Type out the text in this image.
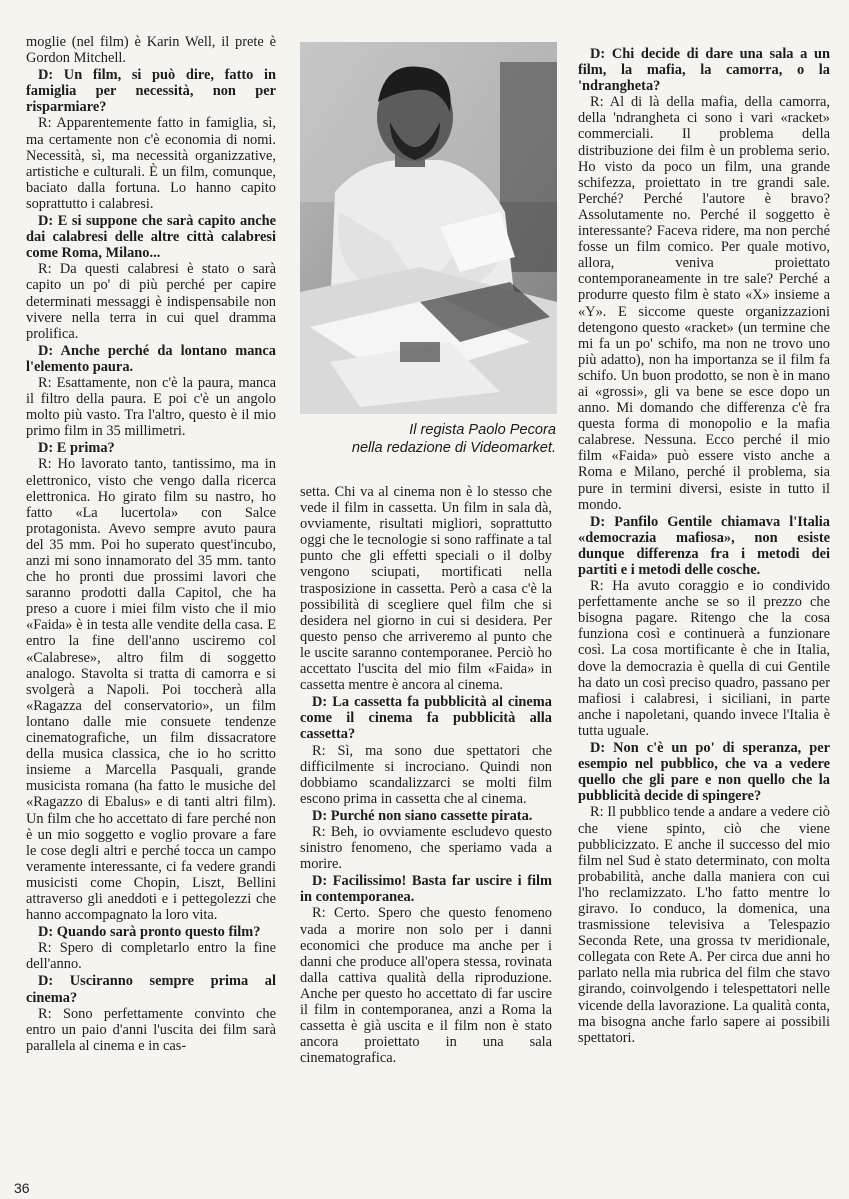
moglie (nel film) è Karin Well, il prete è Gordon Mitchell.

D: Un film, si può dire, fatto in famiglia per necessità, non per risparmiare?

R: Apparentemente fatto in famiglia, sì, ma certamente non c'è economia di nomi. Necessità, sì, ma necessità organizzative, artistiche e culturali. È un film, comunque, baciato dalla fortuna. Lo hanno capito soprattutto i calabresi.

D: E si suppone che sarà capito anche dai calabresi delle altre città calabresi come Roma, Milano...

R: Da questi calabresi è stato o sarà capito un po' di più perché per capire determinati messaggi è indispensabile non vivere nella terra in cui quel dramma prolifica.

D: Anche perché da lontano manca l'elemento paura.

R: Esattamente, non c'è la paura, manca il filtro della paura. E poi c'è un angolo molto più vasto. Tra l'altro, questo è il mio primo film in 35 millimetri.

D: E prima?

R: Ho lavorato tanto, tantissimo, ma in elettronico, visto che vengo dalla ricerca elettronica. Ho girato film su nastro, ho fatto «La lucertola» con Salce protagonista. Avevo sempre avuto paura del 35 mm. Poi ho superato quest'incubo, anzi mi sono innamorato del 35 mm. tanto che ho pronti due prossimi lavori che saranno prodotti dalla Capitol, che ha preso a cuore i miei film visto che il mio «Faida» è in testa alle vendite della casa. E entro la fine dell'anno usciremo col «Calabrese», altro film di soggetto analogo. Stavolta si tratta di camorra e si svolgerà a Napoli. Poi toccherà alla «Ragazza del conservatorio», un film lontano dalle mie consuete tendenze cinematografiche, un film dissacratore della musica classica, che io ho scritto insieme a Marcella Pasquali, grande musicista romana (ha fatto le musiche del «Ragazzo di Ebalus» e di tanti altri film). Un film che ho accettato di fare perché non è un mio soggetto e voglio provare a fare le cose degli altri e perché tocca un campo veramente interessante, ci fa vedere grandi musicisti come Chopin, Liszt, Bellini attraverso gli aneddoti e i pettegolezzi che hanno accompagnato la loro vita.

D: Quando sarà pronto questo film?

R: Spero di completarlo entro la fine dell'anno.

D: Usciranno sempre prima al cinema?

R: Sono perfettamente convinto che entro un paio d'anni l'uscita dei film sarà parallela al cinema e in cas-

Il regista Paolo Pecora
nella redazione di Videomarket.

setta. Chi va al cinema non è lo stesso che vede il film in cassetta. Un film in sala dà, ovviamente, risultati migliori, soprattutto oggi che le tecnologie si sono raffinate a tal punto che gli effetti speciali o il dolby vengono sciupati, mortificati nella trasposizione in cassetta. Però a casa c'è la possibilità di scegliere quel film che si desidera nel giorno in cui si desidera. Per questo penso che arriveremo al punto che le uscite saranno contemporanee. Perciò ho accettato l'uscita del mio film «Faida» in cassetta mentre è ancora al cinema.

D: La cassetta fa pubblicità al cinema come il cinema fa pubblicità alla cassetta?

R: Sì, ma sono due spettatori che difficilmente si incrociano. Quindi non dobbiamo scandalizzarci se molti film escono prima in cassetta che al cinema.

D: Purché non siano cassette pirata.

R: Beh, io ovviamente escludevo questo sinistro fenomeno, che speriamo vada a morire.

D: Facilissimo! Basta far uscire i film in contemporanea.

R: Certo. Spero che questo fenomeno vada a morire non solo per i danni economici che produce ma anche per i danni che produce all'opera stessa, rovinata dalla cattiva qualità della riproduzione. Anche per questo ho accettato di far uscire il film in contemporanea, anzi a Roma la cassetta è già uscita e il film non è stato ancora proiettato in una sala cinematografica.

D: Chi decide di dare una sala a un film, la mafia, la camorra, o la 'ndrangheta?

R: Al di là della mafia, della camorra, della 'ndrangheta ci sono i vari «racket» commerciali. Il problema della distribuzione dei film è un problema serio. Ho visto da poco un film, una grande schifezza, proiettato in tre grandi sale. Perché? Perché l'autore è bravo? Assolutamente no. Perché il soggetto è interessante? Faceva ridere, ma non perché fosse un film comico. Per quale motivo, allora, veniva proiettato contemporaneamente in tre sale? Perché a produrre questo film è stato «X» insieme a «Y». E siccome queste organizzazioni detengono questo «racket» (un termine che mi fa un po' schifo, ma non ne trovo uno più adatto), non ha importanza se il film fa schifo. Un buon prodotto, se non è in mano ai «grossi», gli va bene se esce dopo un anno. Mi domando che differenza c'è fra questa forma di monopolio e la mafia calabrese. Nessuna. Ecco perché il mio film «Faida» può essere visto anche a Roma e Milano, perché il problema, sia pure in termini diversi, esiste in tutto il mondo.

D: Panfilo Gentile chiamava l'Italia «democrazia mafiosa», non esiste dunque differenza fra i metodi dei partiti e i metodi delle cosche.

R: Ha avuto coraggio e io condivido perfettamente anche se so il prezzo che bisogna pagare. Ritengo che la cosa funziona così e continuerà a funzionare così. La cosa mortificante è che in Italia, dove la democrazia è quella di cui Gentile ha dato un così preciso quadro, passano per mafiosi i calabresi, i siciliani, in parte anche i napoletani, quando invece l'Italia è tutta uguale.

D: Non c'è un po' di speranza, per esempio nel pubblico, che va a vedere quello che gli pare e non quello che la pubblicità decide di spingere?

R: Il pubblico tende a andare a vedere ciò che viene spinto, ciò che viene pubblicizzato. E anche il successo del mio film nel Sud è stato determinato, con molta probabilità, anche dalla maniera con cui l'ho reclamizzato. L'ho fatto mentre lo giravo. Io conduco, la domenica, una trasmissione televisiva a Telespazio Seconda Rete, una grossa tv meridionale, collegata con Rete A. Per circa due anni ho parlato nella mia rubrica del film che stavo girando, coinvolgendo i telespettatori nelle vicende della lavorazione. La qualità conta, ma bisogna anche farlo sapere ai possibili spettatori.

36
